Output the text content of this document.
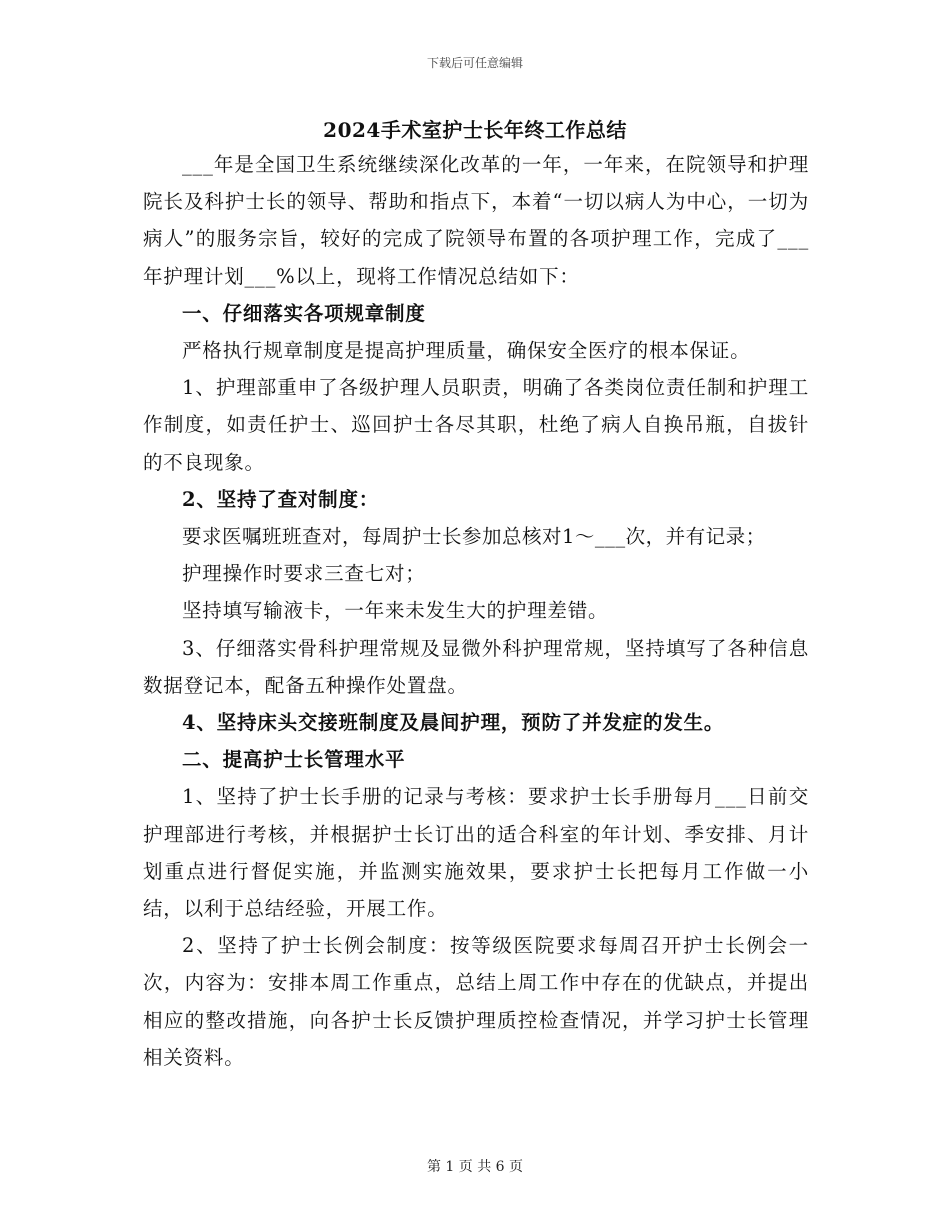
下载后可任意编辑
2024手术室护士长年终工作总结

___年是全国卫生系统继续深化改革的一年，一年来，在院领导和护理院长及科护士长的领导、帮助和指点下，本着“一切以病人为中心，一切为病人”的服务宗旨，较好的完成了院领导布置的各项护理工作，完成了___年护理计划___%以上，现将工作情况总结如下：

一、仔细落实各项规章制度

严格执行规章制度是提高护理质量，确保安全医疗的根本保证。

1、护理部重申了各级护理人员职责，明确了各类岗位责任制和护理工作制度，如责任护士、巡回护士各尽其职，杜绝了病人自换吊瓶，自拔针的不良现象。

2、坚持了查对制度：

要求医嘱班班查对，每周护士长参加总核对1～___次，并有记录；

护理操作时要求三查七对；

坚持填写输液卡，一年来未发生大的护理差错。

3、仔细落实骨科护理常规及显微外科护理常规，坚持填写了各种信息数据登记本，配备五种操作处置盘。

4、坚持床头交接班制度及晨间护理，预防了并发症的发生。

二、提高护士长管理水平

1、坚持了护士长手册的记录与考核：要求护士长手册每月___日前交护理部进行考核，并根据护士长订出的适合科室的年计划、季安排、月计划重点进行督促实施，并监测实施效果，要求护士长把每月工作做一小结，以利于总结经验，开展工作。

2、坚持了护士长例会制度：按等级医院要求每周召开护士长例会一次，内容为：安排本周工作重点，总结上周工作中存在的优缺点，并提出相应的整改措施，向各护士长反馈护理质控检查情况，并学习护士长管理相关资料。

第 1 页 共 6 页
